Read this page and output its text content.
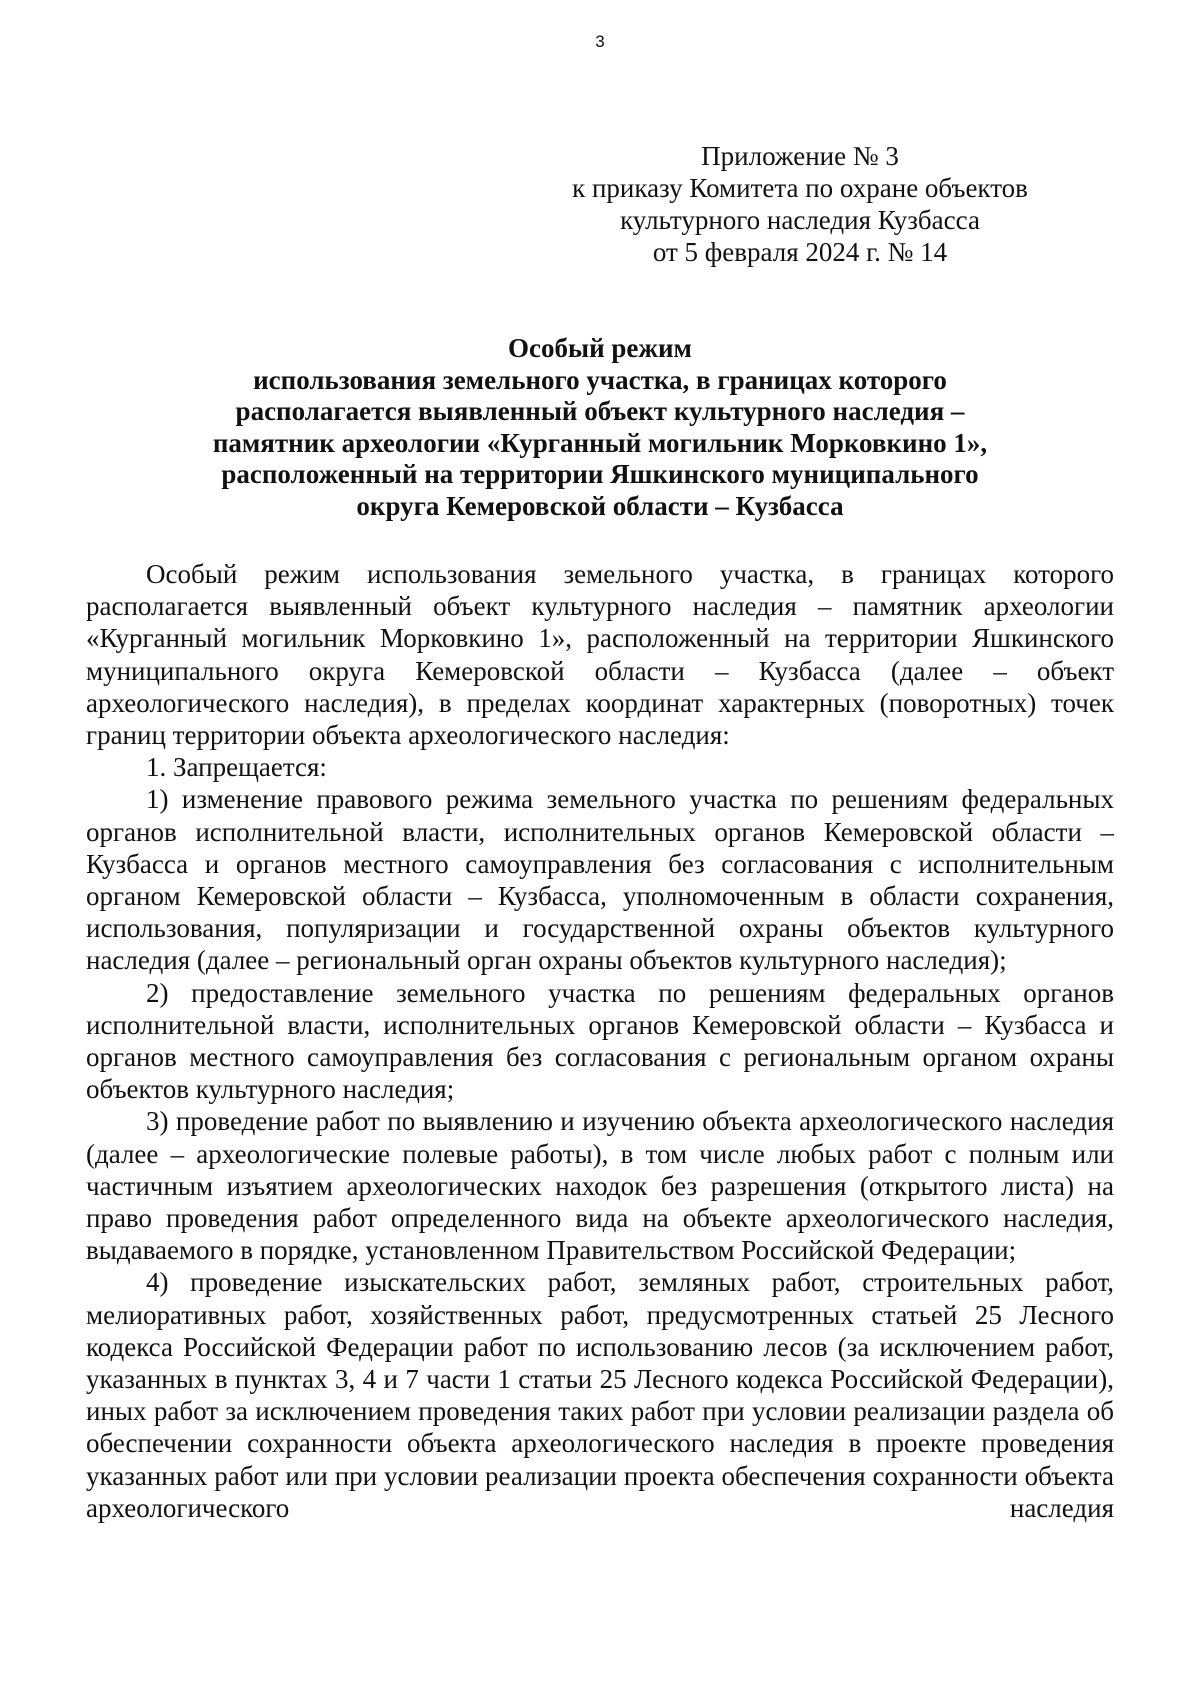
3
Приложение № 3
к приказу Комитета по охране объектов
культурного наследия Кузбасса
от 5 февраля 2024 г. № 14
Особый режим
использования земельного участка, в границах которого
располагается выявленный объект культурного наследия –
памятник археологии «Курганный могильник Морковкино 1»,
расположенный на территории Яшкинского муниципального
округа Кемеровской области – Кузбасса

Особый режим использования земельного участка, в границах которого располагается выявленный объект культурного наследия – памятник археологии «Курганный могильник Морковкино 1», расположенный на территории Яшкинского муниципального округа Кемеровской области – Кузбасса (далее – объект археологического наследия), в пределах координат характерных (поворотных) точек границ территории объекта археологического наследия:

1. Запрещается:

1) изменение правового режима земельного участка по решениям федеральных органов исполнительной власти, исполнительных органов Кемеровской области – Кузбасса и органов местного самоуправления без согласования с исполнительным органом Кемеровской области – Кузбасса, уполномоченным в области сохранения, использования, популяризации и государственной охраны объектов культурного наследия (далее – региональный орган охраны объектов культурного наследия);

2) предоставление земельного участка по решениям федеральных органов исполнительной власти, исполнительных органов Кемеровской области – Кузбасса и органов местного самоуправления без согласования с региональным органом охраны объектов культурного наследия;

3) проведение работ по выявлению и изучению объекта археологического наследия (далее – археологические полевые работы), в том числе любых работ с полным или частичным изъятием археологических находок без разрешения (открытого листа) на право проведения работ определенного вида на объекте археологического наследия, выдаваемого в порядке, установленном Правительством Российской Федерации;

4) проведение изыскательских работ, земляных работ, строительных работ, мелиоративных работ, хозяйственных работ, предусмотренных статьей 25 Лесного кодекса Российской Федерации работ по использованию лесов (за исключением работ, указанных в пунктах 3, 4 и 7 части 1 статьи 25 Лесного кодекса Российской Федерации), иных работ за исключением проведения таких работ при условии реализации раздела об обеспечении сохранности объекта археологического наследия в проекте проведения указанных работ или при условии реализации проекта обеспечения сохранности объекта археологического наследия
